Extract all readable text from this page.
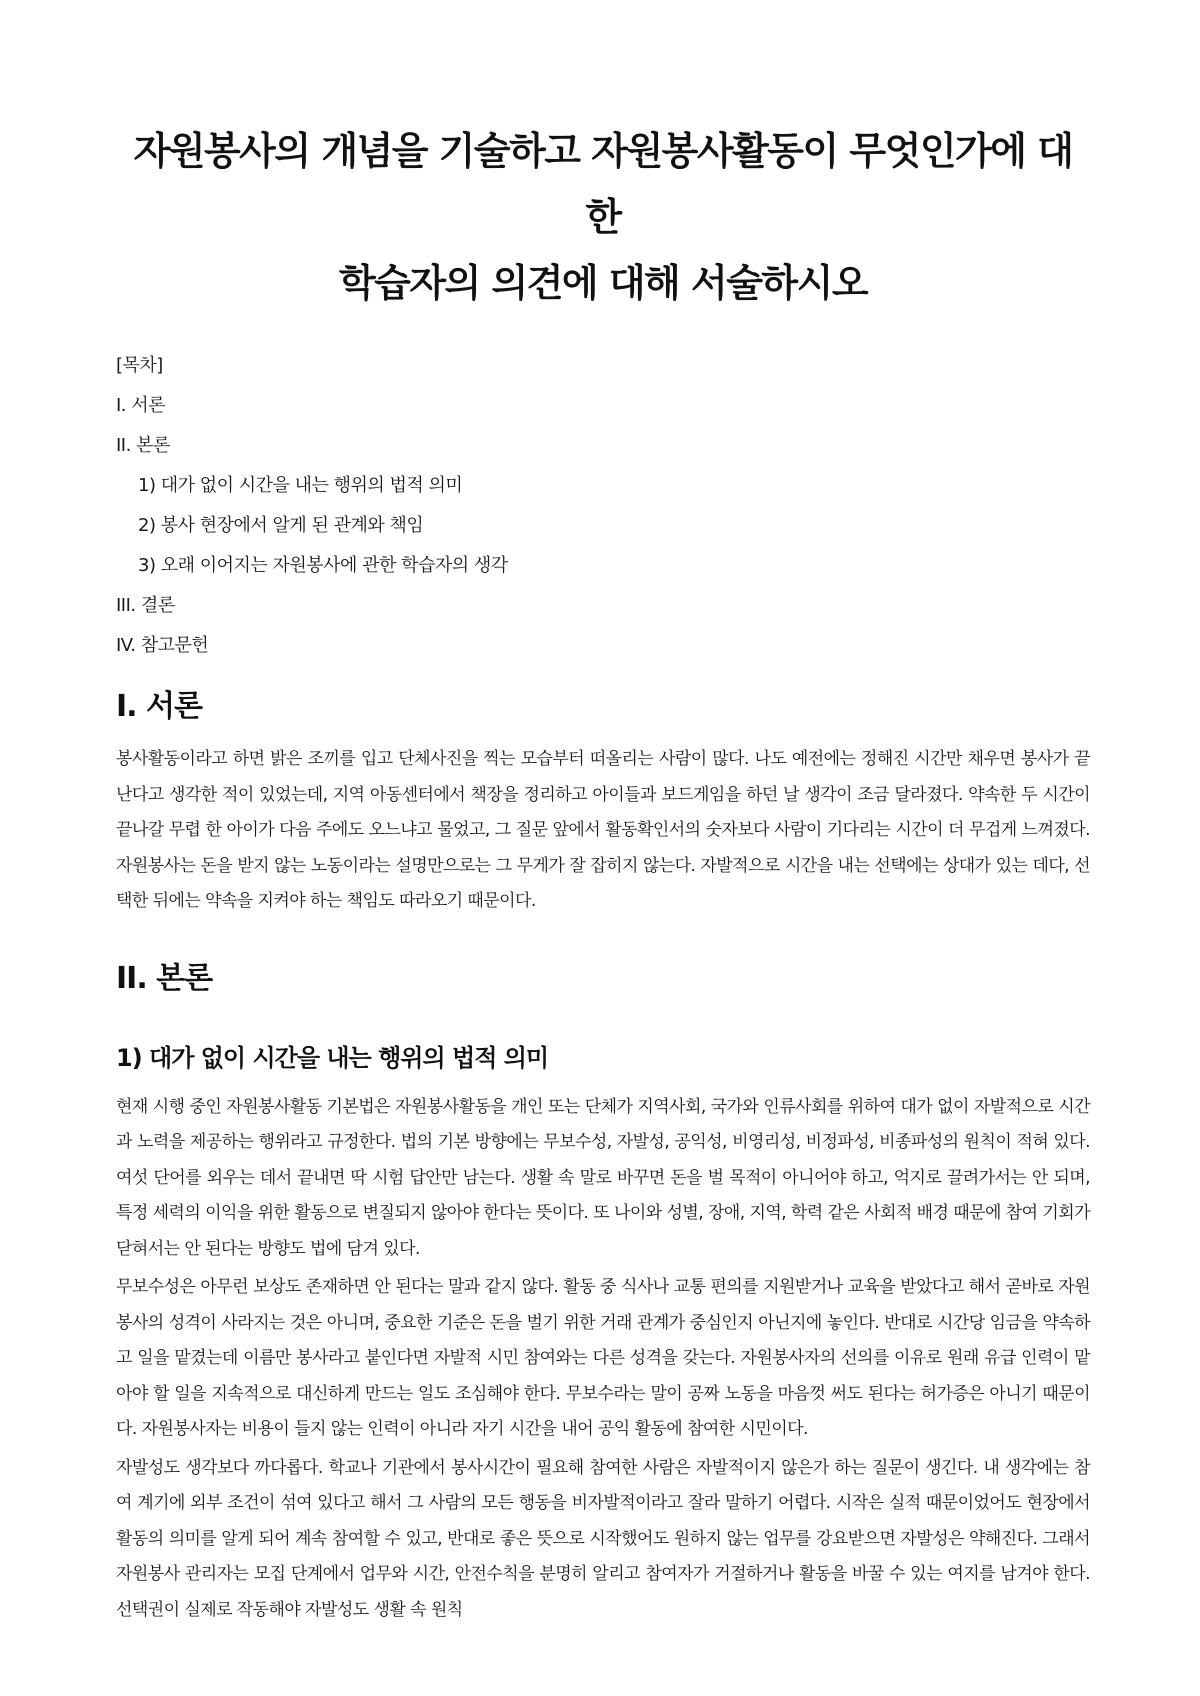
자원봉사의 개념을 기술하고 자원봉사활동이 무엇인가에 대한
학습자의 의견에 대해 서술하시오
[목차]
I. 서론
II. 본론
1) 대가 없이 시간을 내는 행위의 법적 의미
2) 봉사 현장에서 알게 된 관계와 책임
3) 오래 이어지는 자원봉사에 관한 학습자의 생각
III. 결론
IV. 참고문헌
I. 서론

봉사활동이라고 하면 밝은 조끼를 입고 단체사진을 찍는 모습부터 떠올리는 사람이 많다. 나도 예전에는 정해진 시간만 채우면 봉사가 끝난다고 생각한 적이 있었는데, 지역 아동센터에서 책장을 정리하고 아이들과 보드게임을 하던 날 생각이 조금 달라졌다. 약속한 두 시간이 끝나갈 무렵 한 아이가 다음 주에도 오느냐고 물었고, 그 질문 앞에서 활동확인서의 숫자보다 사람이 기다리는 시간이 더 무겁게 느껴졌다. 자원봉사는 돈을 받지 않는 노동이라는 설명만으로는 그 무게가 잘 잡히지 않는다. 자발적으로 시간을 내는 선택에는 상대가 있는 데다, 선택한 뒤에는 약속을 지켜야 하는 책임도 따라오기 때문이다.

II. 본론
1) 대가 없이 시간을 내는 행위의 법적 의미

현재 시행 중인 자원봉사활동 기본법은 자원봉사활동을 개인 또는 단체가 지역사회, 국가와 인류사회를 위하여 대가 없이 자발적으로 시간과 노력을 제공하는 행위라고 규정한다. 법의 기본 방향에는 무보수성, 자발성, 공익성, 비영리성, 비정파성, 비종파성의 원칙이 적혀 있다. 여섯 단어를 외우는 데서 끝내면 딱 시험 답안만 남는다. 생활 속 말로 바꾸면 돈을 벌 목적이 아니어야 하고, 억지로 끌려가서는 안 되며, 특정 세력의 이익을 위한 활동으로 변질되지 않아야 한다는 뜻이다. 또 나이와 성별, 장애, 지역, 학력 같은 사회적 배경 때문에 참여 기회가 닫혀서는 안 된다는 방향도 법에 담겨 있다.

무보수성은 아무런 보상도 존재하면 안 된다는 말과 같지 않다. 활동 중 식사나 교통 편의를 지원받거나 교육을 받았다고 해서 곧바로 자원봉사의 성격이 사라지는 것은 아니며, 중요한 기준은 돈을 벌기 위한 거래 관계가 중심인지 아닌지에 놓인다. 반대로 시간당 임금을 약속하고 일을 맡겼는데 이름만 봉사라고 붙인다면 자발적 시민 참여와는 다른 성격을 갖는다. 자원봉사자의 선의를 이유로 원래 유급 인력이 맡아야 할 일을 지속적으로 대신하게 만드는 일도 조심해야 한다. 무보수라는 말이 공짜 노동을 마음껏 써도 된다는 허가증은 아니기 때문이다. 자원봉사자는 비용이 들지 않는 인력이 아니라 자기 시간을 내어 공익 활동에 참여한 시민이다.

자발성도 생각보다 까다롭다. 학교나 기관에서 봉사시간이 필요해 참여한 사람은 자발적이지 않은가 하는 질문이 생긴다. 내 생각에는 참여 계기에 외부 조건이 섞여 있다고 해서 그 사람의 모든 행동을 비자발적이라고 잘라 말하기 어렵다. 시작은 실적 때문이었어도 현장에서 활동의 의미를 알게 되어 계속 참여할 수 있고, 반대로 좋은 뜻으로 시작했어도 원하지 않는 업무를 강요받으면 자발성은 약해진다. 그래서 자원봉사 관리자는 모집 단계에서 업무와 시간, 안전수칙을 분명히 알리고 참여자가 거절하거나 활동을 바꿀 수 있는 여지를 남겨야 한다. 선택권이 실제로 작동해야 자발성도 생활 속 원칙
